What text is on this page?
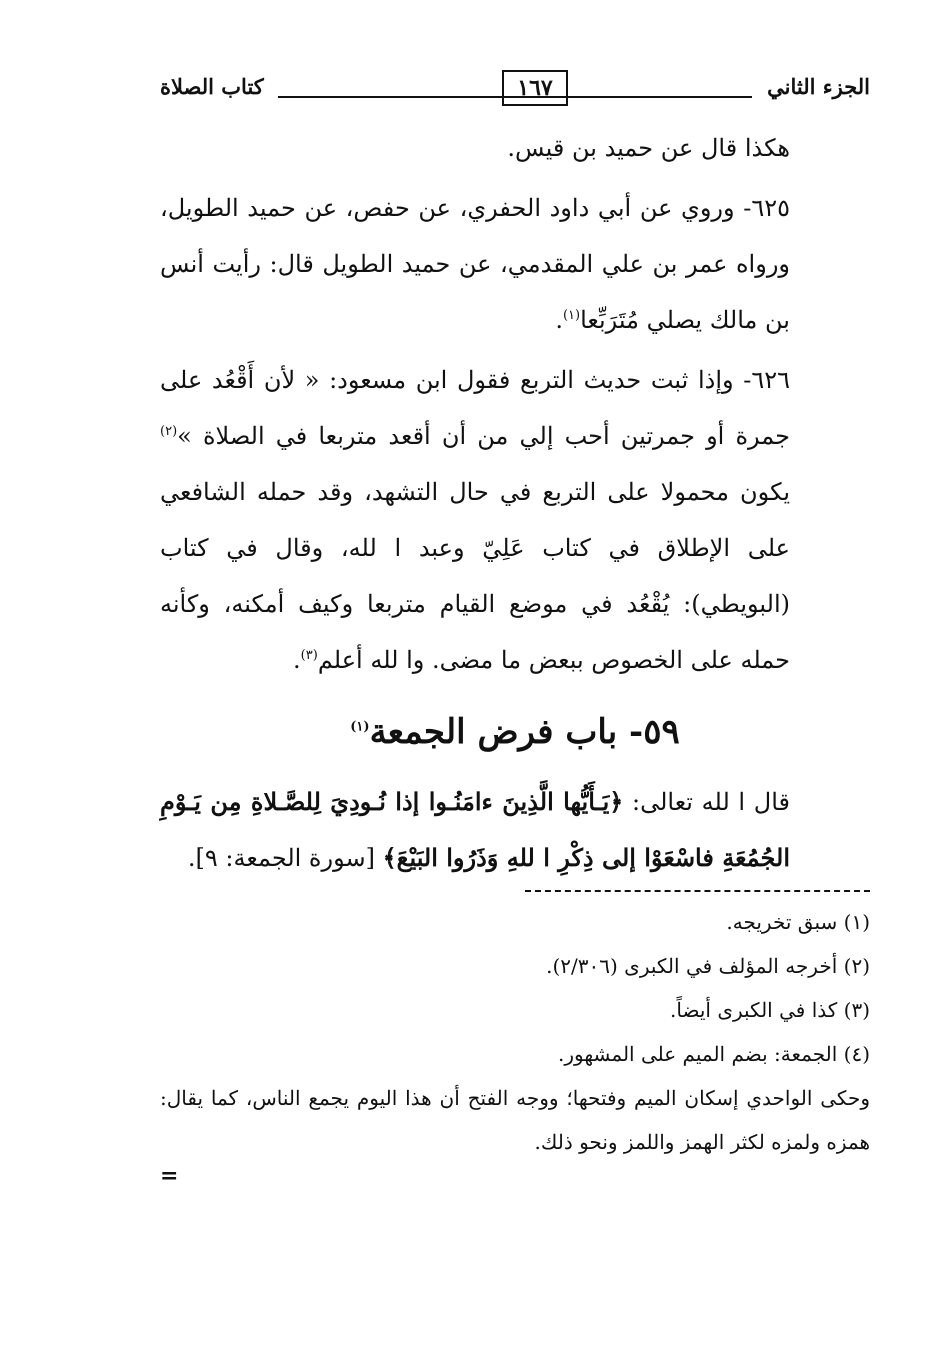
الجزء الثاني
١٦٧
كتاب الصلاة

هكذا قال عن حميد بن قيس.

٦٢٥- وروي عن أبي داود الحفري، عن حفص، عن حميد الطويل، ورواه عمر بن علي المقدمي، عن حميد الطويل قال: رأيت أنس بن مالك يصلي مُتَرَبِّعا$^{(١)}$.

٦٢٦- وإذا ثبت حديث التربع فقول ابن مسعود: « لأن أَقْعُد على جمرة أو جمرتين أحب إلي من أن أقعد متربعا في الصلاة »$^{(٢)}$ يكون محمولا على التربع في حال التشهد، وقد حمله الشافعي على الإطلاق في كتاب عَلِيّ وعبد ا لله، وقال في كتاب (البويطي): يُقْعُد في موضع القيام متربعا وكيف أمكنه، وكأنه حمله على الخصوص ببعض ما مضى. وا لله أعلم$^{(٣)}$.

٥٩- باب فرض الجمعة$^{(١)}$

قال ا لله تعالى: ﴿يَـأَيُّها الَّذِينَ ءامَنُـوا إذا نُـودِيَ لِلصَّـلاةِ مِن يَـوْمِ الجُمُعَةِ فاسْعَوْا إلى ذِكْرِ ا للهِ وَذَرُوا البَيْعَ﴾ [سورة الجمعة: ٩].

(١) سبق تخريجه.
(٢) أخرجه المؤلف في الكبرى (٢/٣٠٦).
(٣) كذا في الكبرى أيضاً.
(٤) الجمعة: بضم الميم على المشهور.
وحكى الواحدي إسكان الميم وفتحها؛ ووجه الفتح أن هذا اليوم يجمع الناس، كما يقال: همزه ولمزه لكثر الهمز واللمز ونحو ذلك.
=
